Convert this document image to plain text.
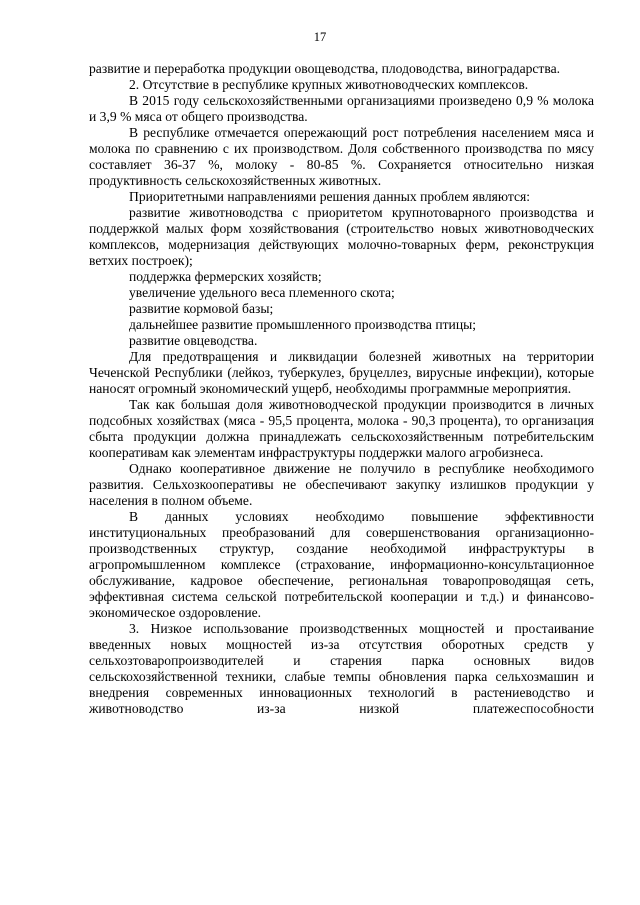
17

развитие и переработка продукции овощеводства, плодоводства, виноградарства.

2. Отсутствие в республике крупных животноводческих комплексов.

В 2015 году сельскохозяйственными организациями произведено 0,9 % молока и 3,9 % мяса от общего производства.

В республике отмечается опережающий рост потребления населением мяса и молока по сравнению с их производством. Доля собственного производства по мясу составляет 36-37 %, молоку - 80-85 %. Сохраняется относительно низкая продуктивность сельскохозяйственных животных.

Приоритетными направлениями решения данных проблем являются:

развитие животноводства с приоритетом крупнотоварного производства и поддержкой малых форм хозяйствования (строительство новых животноводческих комплексов, модернизация действующих молочно-товарных ферм, реконструкция ветхих построек);

поддержка фермерских хозяйств;

увеличение удельного веса племенного скота;

развитие кормовой базы;

дальнейшее развитие промышленного производства птицы;

развитие овцеводства.

Для предотвращения и ликвидации болезней животных на территории Чеченской Республики (лейкоз, туберкулез, бруцеллез, вирусные инфекции), которые наносят огромный экономический ущерб, необходимы программные мероприятия.

Так как большая доля животноводческой продукции производится в личных подсобных хозяйствах (мяса - 95,5 процента, молока - 90,3 процента), то организация сбыта продукции должна принадлежать сельскохозяйственным потребительским кооперативам как элементам инфраструктуры поддержки малого агробизнеса.

Однако кооперативное движение не получило в республике необходимого развития. Сельхозкооперативы не обеспечивают закупку излишков продукции у населения в полном объеме.

В данных условиях необходимо повышение эффективности институциональных преобразований для совершенствования организационно-производственных структур, создание необходимой инфраструктуры в агропромышленном комплексе (страхование, информационно-консультационное обслуживание, кадровое обеспечение, региональная товаропроводящая сеть, эффективная система сельской потребительской кооперации и т.д.) и финансово-экономическое оздоровление.

3. Низкое использование производственных мощностей и простаивание введенных новых мощностей из-за отсутствия оборотных средств у сельхозтоваропроизводителей и старения парка основных видов сельскохозяйственной техники, слабые темпы обновления парка сельхозмашин и внедрения современных инновационных технологий в растениеводство и животноводство из-за низкой платежеспособности
